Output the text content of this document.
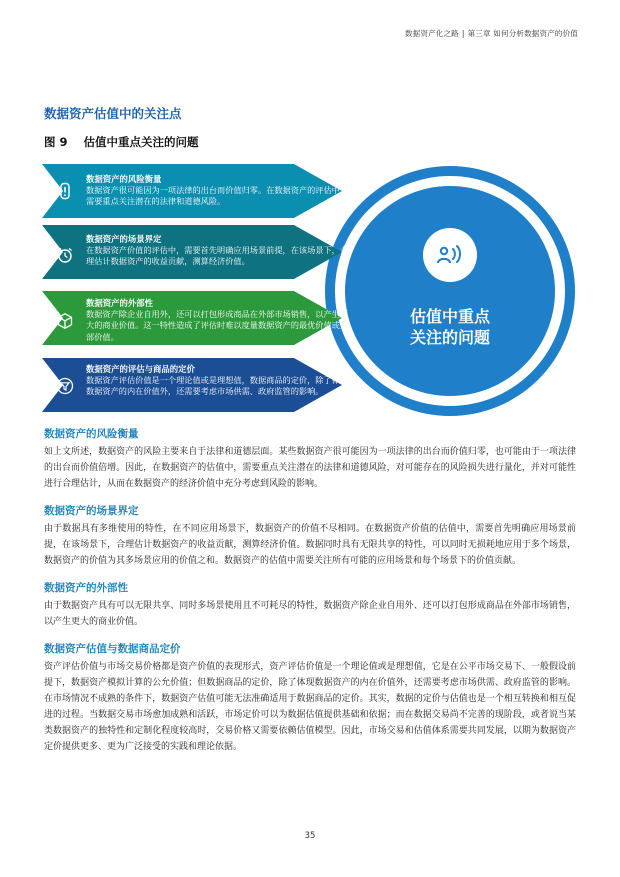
数据资产化之路 | 第三章 如何分析数据资产的价值
数据资产估值中的关注点
图 9 估值中重点关注的问题
估值中重点
关注的问题
数据资产的风险衡量
数据资产很可能因为一项法律的出台而价值归零。在数据资产的评估中，需要重点关注潜在的法律和道德风险。
数据资产的场景界定
在数据资产价值的评估中，需要首先明确应用场景前提，在该场景下，合理估计数据资产的收益贡献，测算经济价值。
数据资产的外部性
数据资产除企业自用外，还可以打包形成商品在外部市场销售，以产生更大的商业价值。这一特性造成了评估时难以度量数据资产的最优价值或全部价值。
数据资产的评估与商品的定价
数据资产评估价值是一个理论值或是理想值，数据商品的定价，除了体现数据资产的内在价值外，还需要考虑市场供需、政府监管的影响。
数据资产的风险衡量

如上文所述，数据资产的风险主要来自于法律和道德层面。某些数据资产很可能因为一项法律的出台而价值归零，也可能由于一项法律的出台而价值倍增。因此，在数据资产的估值中，需要重点关注潜在的法律和道德风险，对可能存在的风险损失进行量化，并对可能性进行合理估计，从而在数据资产的经济价值中充分考虑到风险的影响。

数据资产的场景界定

由于数据具有多维使用的特性，在不同应用场景下，数据资产的价值不尽相同。在数据资产价值的估值中，需要首先明确应用场景前提，在该场景下，合理估计数据资产的收益贡献，测算经济价值。数据同时具有无限共享的特性，可以同时无损耗地应用于多个场景，数据资产的价值为其多场景应用的价值之和。数据资产的估值中需要关注所有可能的应用场景和每个场景下的价值贡献。

数据资产的外部性

由于数据资产具有可以无限共享、同时多场景使用且不可耗尽的特性，数据资产除企业自用外、还可以打包形成商品在外部市场销售，以产生更大的商业价值。

数据资产估值与数据商品定价

资产评估价值与市场交易价格都是资产价值的表现形式，资产评估价值是一个理论值或是理想值，它是在公平市场交易下、一般假设前提下，数据资产模拟计算的公允价值；但数据商品的定价，除了体现数据资产的内在价值外，还需要考虑市场供需、政府监管的影响。在市场情况不成熟的条件下，数据资产估值可能无法准确适用于数据商品的定价。其实，数据的定价与估值也是一个相互转换和相互促进的过程。当数据交易市场愈加成熟和活跃，市场定价可以为数据估值提供基础和依据；而在数据交易尚不完善的现阶段，或者说当某类数据资产的独特性和定制化程度较高时，交易价格又需要依赖估值模型。因此，市场交易和估值体系需要共同发展，以期为数据资产定价提供更多、更为广泛接受的实践和理论依据。

35
